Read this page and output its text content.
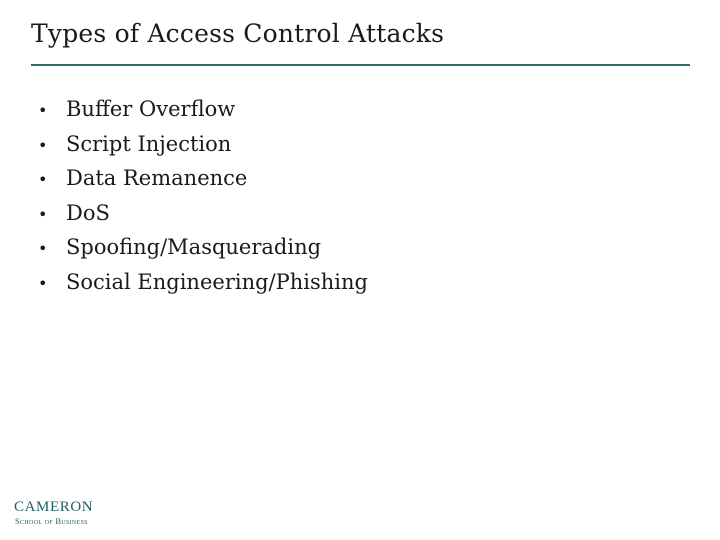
Types of Access Control Attacks
• Buffer Overflow
• Script Injection
• Data Remanence
• DoS
• Spoofing/Masquerading
• Social Engineering/Phishing
CAMERON
School of Business
